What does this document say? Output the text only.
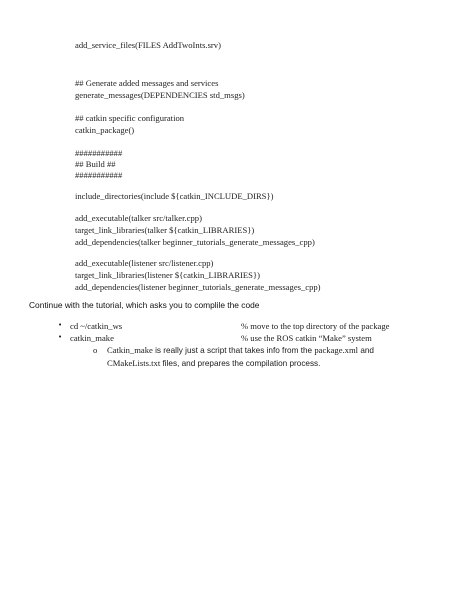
add_service_files(FILES AddTwoInts.srv)
## Generate added messages and services
generate_messages(DEPENDENCIES std_msgs)
## catkin specific configuration
catkin_package()
###########
## Build ##
###########
include_directories(include ${catkin_INCLUDE_DIRS})
add_executable(talker src/talker.cpp)
target_link_libraries(talker ${catkin_LIBRARIES})
add_dependencies(talker beginner_tutorials_generate_messages_cpp)
add_executable(listener src/listener.cpp)
target_link_libraries(listener ${catkin_LIBRARIES})
add_dependencies(listener beginner_tutorials_generate_messages_cpp)
Continue with the tutorial, which asks you to complile the code

•

cd ~/catkin_ws

	% move to the top directory of the package

•

catkin_make

	% use the ROS catkin “Make” system

o Catkin_make is really just a script that takes info from the package.xml and
CMakeLists.txt files, and prepares the compilation process.
